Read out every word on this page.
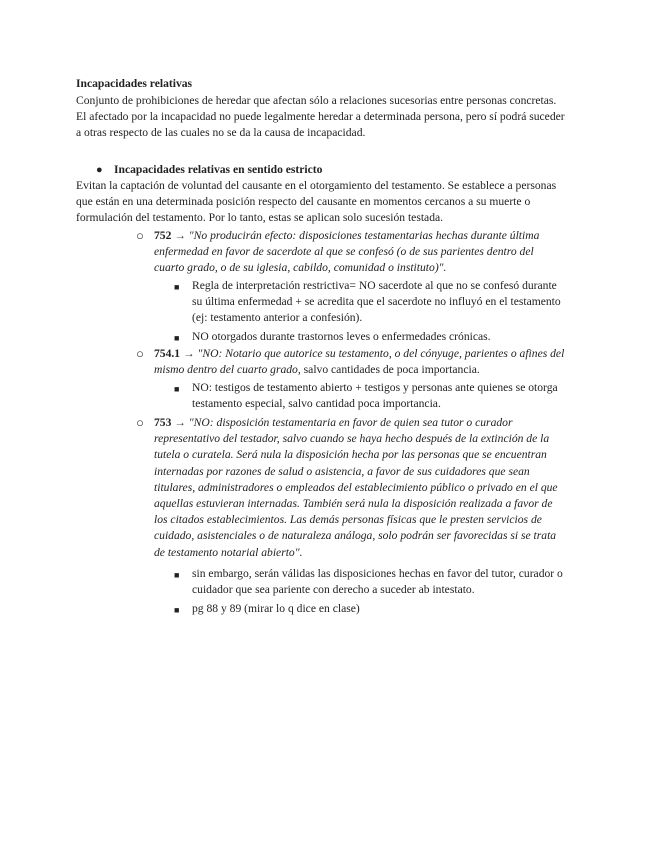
Incapacidades relativas

Conjunto de prohibiciones de heredar que afectan sólo a relaciones sucesorias entre personas concretas. El afectado por la incapacidad no puede legalmente heredar a determinada persona, pero sí podrá suceder a otras respecto de las cuales no se da la causa de incapacidad.

● Incapacidades relativas en sentido estricto

Evitan la captación de voluntad del causante en el otorgamiento del testamento. Se establece a personas que están en una determinada posición respecto del causante en momentos cercanos a su muerte o formulación del testamento. Por lo tanto, estas se aplican solo sucesión testada.

○ 752 → "No producirán efecto: disposiciones testamentarias hechas durante última enfermedad en favor de sacerdote al que se confesó (o de sus parientes dentro del cuarto grado, o de su iglesia, cabildo, comunidad o instituto)".

■ Regla de interpretación restrictiva= NO sacerdote al que no se confesó durante su última enfermedad + se acredita que el sacerdote no influyó en el testamento (ej: testamento anterior a confesión).

■ NO otorgados durante trastornos leves o enfermedades crónicas.

○ 754.1 → "NO: Notario que autorice su testamento, o del cónyuge, parientes o afines del mismo dentro del cuarto grado, salvo cantidades de poca importancia.

■ NO: testigos de testamento abierto + testigos y personas ante quienes se otorga testamento especial, salvo cantidad poca importancia.

○ 753 → "NO: disposición testamentaria en favor de quien sea tutor o curador representativo del testador, salvo cuando se haya hecho después de la extinción de la tutela o curatela. Será nula la disposición hecha por las personas que se encuentran internadas por razones de salud o asistencia, a favor de sus cuidadores que sean titulares, administradores o empleados del establecimiento público o privado en el que aquellas estuvieran internadas. También será nula la disposición realizada a favor de los citados establecimientos. Las demás personas físicas que le presten servicios de cuidado, asistenciales o de naturaleza análoga, solo podrán ser favorecidas si se trata de testamento notarial abierto".

■ sin embargo, serán válidas las disposiciones hechas en favor del tutor, curador o cuidador que sea pariente con derecho a suceder ab intestato.

■ pg 88 y 89 (mirar lo q dice en clase)
